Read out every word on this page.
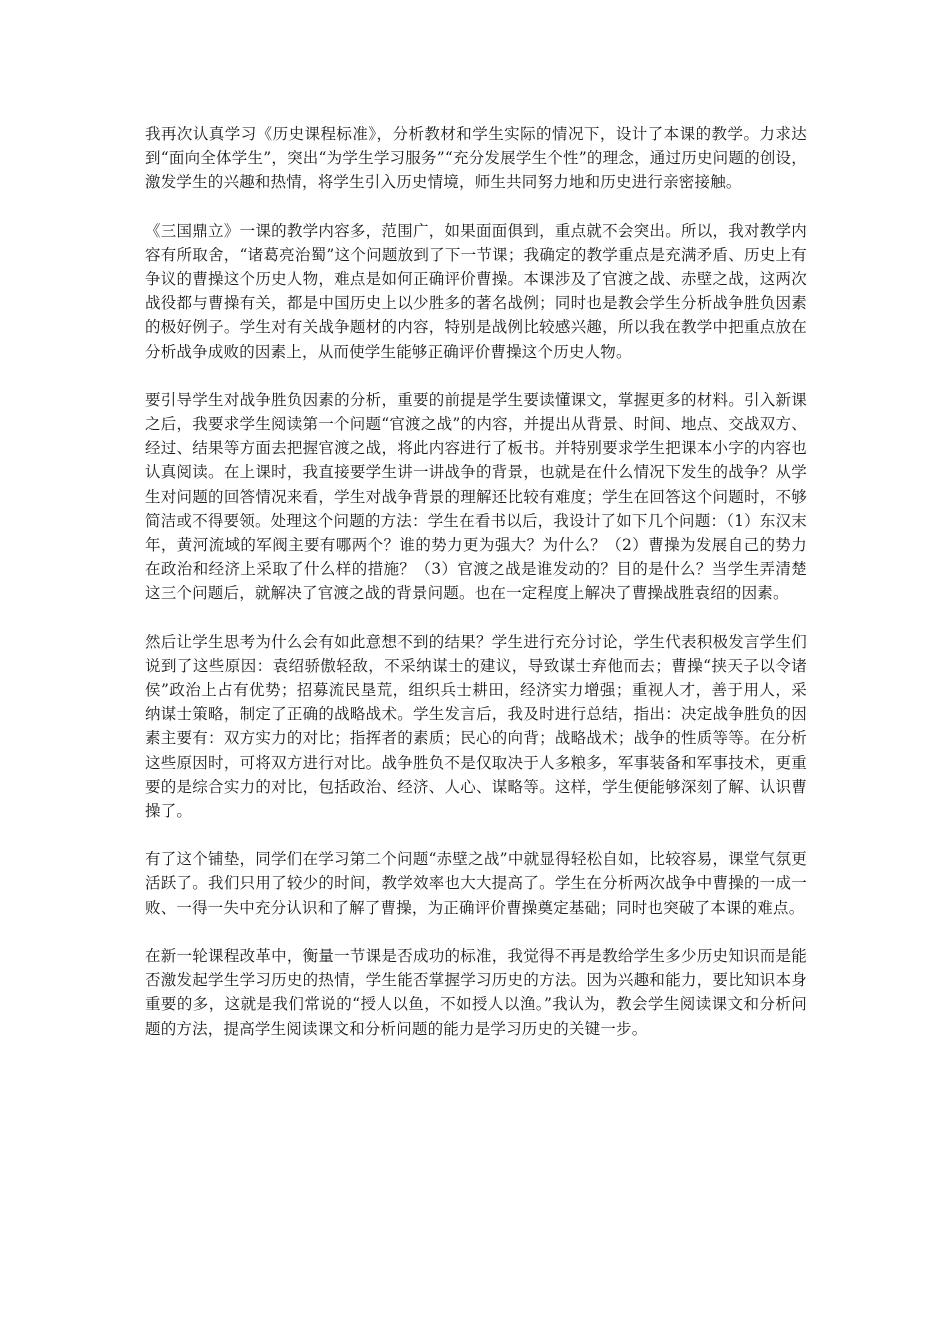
我再次认真学习《历史课程标准》，分析教材和学生实际的情况下，设计了本课的教学。力求达到“面向全体学生”，突出“为学生学习服务”“充分发展学生个性”的理念，通过历史问题的创设，激发学生的兴趣和热情，将学生引入历史情境，师生共同努力地和历史进行亲密接触。

《三国鼎立》一课的教学内容多，范围广，如果面面俱到，重点就不会突出。所以，我对教学内容有所取舍，“诸葛亮治蜀”这个问题放到了下一节课；我确定的教学重点是充满矛盾、历史上有争议的曹操这个历史人物，难点是如何正确评价曹操。本课涉及了官渡之战、赤壁之战，这两次战役都与曹操有关，都是中国历史上以少胜多的著名战例；同时也是教会学生分析战争胜负因素的极好例子。学生对有关战争题材的内容，特别是战例比较感兴趣，所以我在教学中把重点放在分析战争成败的因素上，从而使学生能够正确评价曹操这个历史人物。

要引导学生对战争胜负因素的分析，重要的前提是学生要读懂课文，掌握更多的材料。引入新课之后，我要求学生阅读第一个问题“官渡之战”的内容，并提出从背景、时间、地点、交战双方、经过、结果等方面去把握官渡之战，将此内容进行了板书。并特别要求学生把课本小字的内容也认真阅读。在上课时，我直接要学生讲一讲战争的背景，也就是在什么情况下发生的战争？从学生对问题的回答情况来看，学生对战争背景的理解还比较有难度；学生在回答这个问题时，不够简洁或不得要领。处理这个问题的方法：学生在看书以后，我设计了如下几个问题：（1）东汉末年，黄河流域的军阀主要有哪两个？谁的势力更为强大？为什么？（2）曹操为发展自己的势力在政治和经济上采取了什么样的措施？（3）官渡之战是谁发动的？目的是什么？当学生弄清楚这三个问题后，就解决了官渡之战的背景问题。也在一定程度上解决了曹操战胜袁绍的因素。

然后让学生思考为什么会有如此意想不到的结果？学生进行充分讨论，学生代表积极发言学生们说到了这些原因：袁绍骄傲轻敌，不采纳谋士的建议，导致谋士弃他而去；曹操“挟天子以令诸侯”政治上占有优势；招募流民垦荒，组织兵士耕田，经济实力增强；重视人才，善于用人，采纳谋士策略，制定了正确的战略战术。学生发言后，我及时进行总结，指出：决定战争胜负的因素主要有：双方实力的对比；指挥者的素质；民心的向背；战略战术；战争的性质等等。在分析这些原因时，可将双方进行对比。战争胜负不是仅取决于人多粮多，军事装备和军事技术，更重要的是综合实力的对比，包括政治、经济、人心、谋略等。这样，学生便能够深刻了解、认识曹操了。

有了这个铺垫，同学们在学习第二个问题“赤壁之战”中就显得轻松自如，比较容易，课堂气氛更活跃了。我们只用了较少的时间，教学效率也大大提高了。学生在分析两次战争中曹操的一成一败、一得一失中充分认识和了解了曹操，为正确评价曹操奠定基础；同时也突破了本课的难点。

在新一轮课程改革中，衡量一节课是否成功的标准，我觉得不再是教给学生多少历史知识而是能否激发起学生学习历史的热情，学生能否掌握学习历史的方法。因为兴趣和能力，要比知识本身重要的多，这就是我们常说的“授人以鱼，不如授人以渔。”我认为，教会学生阅读课文和分析问题的方法，提高学生阅读课文和分析问题的能力是学习历史的关键一步。
